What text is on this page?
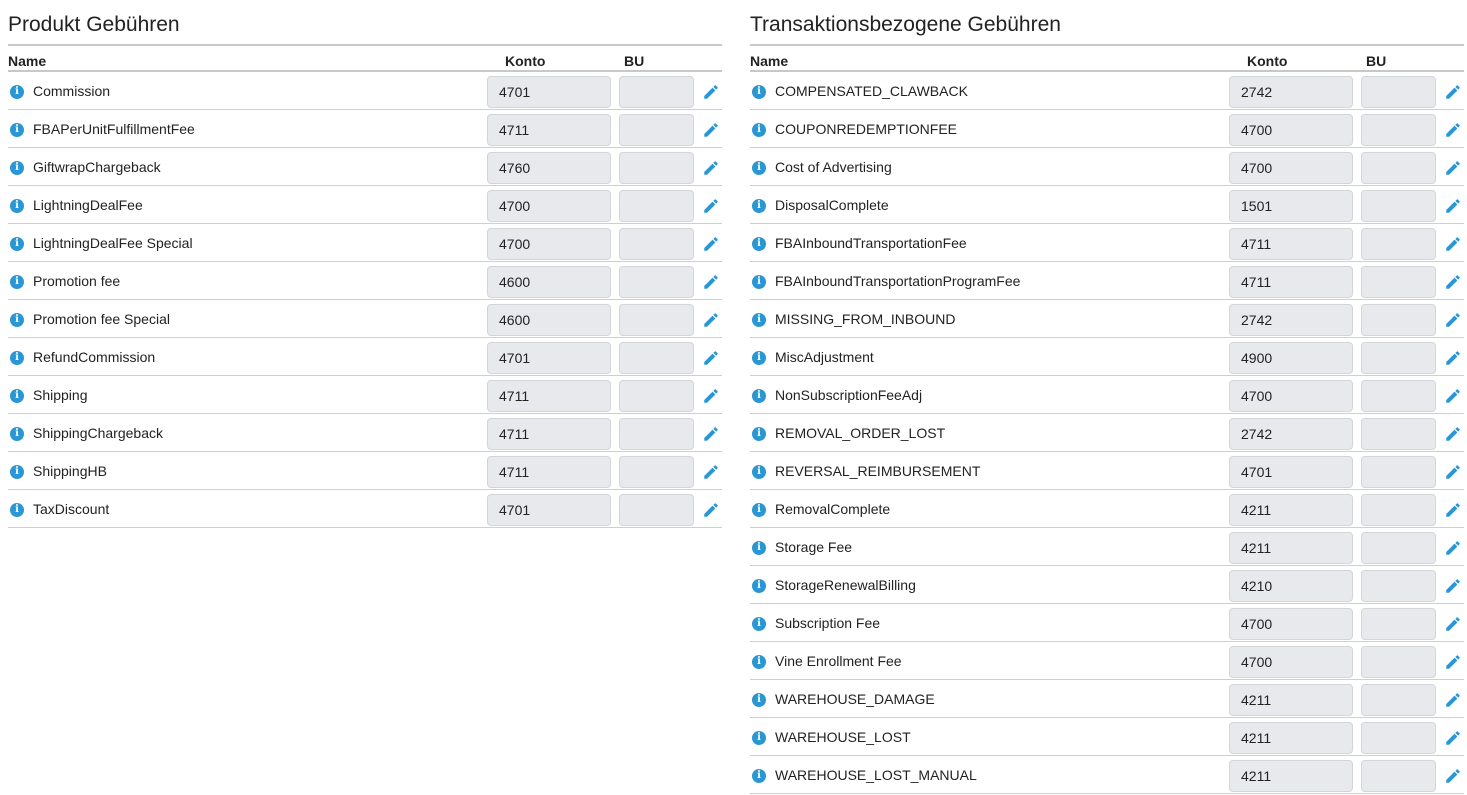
Produkt Gebühren
Name	Konto	BU
i	Commission	4701
i	FBAPerUnitFulfillmentFee	4711
i	GiftwrapChargeback	4760
i	LightningDealFee	4700
i	LightningDealFee Special	4700
i	Promotion fee	4600
i	Promotion fee Special	4600
i	RefundCommission	4701
i	Shipping	4711
i	ShippingChargeback	4711
i	ShippingHB	4711
i	TaxDiscount	4701
Transaktionsbezogene Gebühren
Name	Konto	BU
i	COMPENSATED_CLAWBACK	2742
i	COUPONREDEMPTIONFEE	4700
i	Cost of Advertising	4700
i	DisposalComplete	1501
i	FBAInboundTransportationFee	4711
i	FBAInboundTransportationProgramFee	4711
i	MISSING_FROM_INBOUND	2742
i	MiscAdjustment	4900
i	NonSubscriptionFeeAdj	4700
i	REMOVAL_ORDER_LOST	2742
i	REVERSAL_REIMBURSEMENT	4701
i	RemovalComplete	4211
i	Storage Fee	4211
i	StorageRenewalBilling	4210
i	Subscription Fee	4700
i	Vine Enrollment Fee	4700
i	WAREHOUSE_DAMAGE	4211
i	WAREHOUSE_LOST	4211
i	WAREHOUSE_LOST_MANUAL	4211
